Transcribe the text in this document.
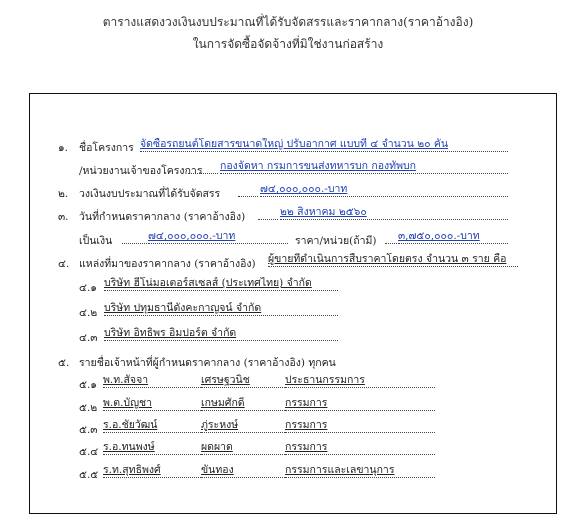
ตารางแสดงวงเงินงบประมาณที่ได้รับจัดสรรและราคากลาง(ราคาอ้างอิง)
ในการจัดซื้อจัดจ้างที่มิใช่งานก่อสร้าง
๑. ชื่อโครงการ จัดซื้อรถยนต์โดยสารขนาดใหญ่ ปรับอากาศ แบบที่ ๔ จำนวน ๒๐ คัน
/หน่วยงานเจ้าของโครงการ กองจัดหา กรมการขนส่งทหารบก กองทัพบก
๒. วงเงินงบประมาณที่ได้รับจัดสรร	๗๔,๐๐๐,๐๐๐.-บาท
๓. วันที่กำหนดราคากลาง (ราคาอ้างอิง)	๒๒ สิงหาคม ๒๕๖๐
เป็นเงิน	๗๔,๐๐๐,๐๐๐.-บาท	ราคา/หน่วย(ถ้ามี) ๓,๗๕๐,๐๐๐.-บาท
๔. แหล่งที่มาของราคากลาง (ราคาอ้างอิง) ผู้ขายที่ดำเนินการสืบราคาโดยตรง จำนวน ๓ ราย คือ
๔.๑ บริษัท ฮีโน่มอเตอร์สเซลส์ (ประเทศไทย) จำกัด
๔.๒ บริษัท ปทุมธานีดังคะกาญจน์ จำกัด
๔.๓ บริษัท อิทธิพร อิมปอร์ต จำกัด
๕. รายชื่อเจ้าหน้าที่ผู้กำหนดราคากลาง (ราคาอ้างอิง) ทุกคน
๕.๑ พ.ท.สัจจา	เศรษฐวนิช	ประธานกรรมการ
๕.๒ พ.ต.บัญชา	เกษมศักดิ์	กรรมการ
๕.๓ ร.อ.ชัยวัฒน์	ภู่ระหงษ์	กรรมการ
๕.๔ ร.อ.ทนพงษ์	ผดผาด	กรรมการ
๕.๕ ร.ท.สุทธิพงศ์	ขันทอง	กรรมการและเลขานุการ
